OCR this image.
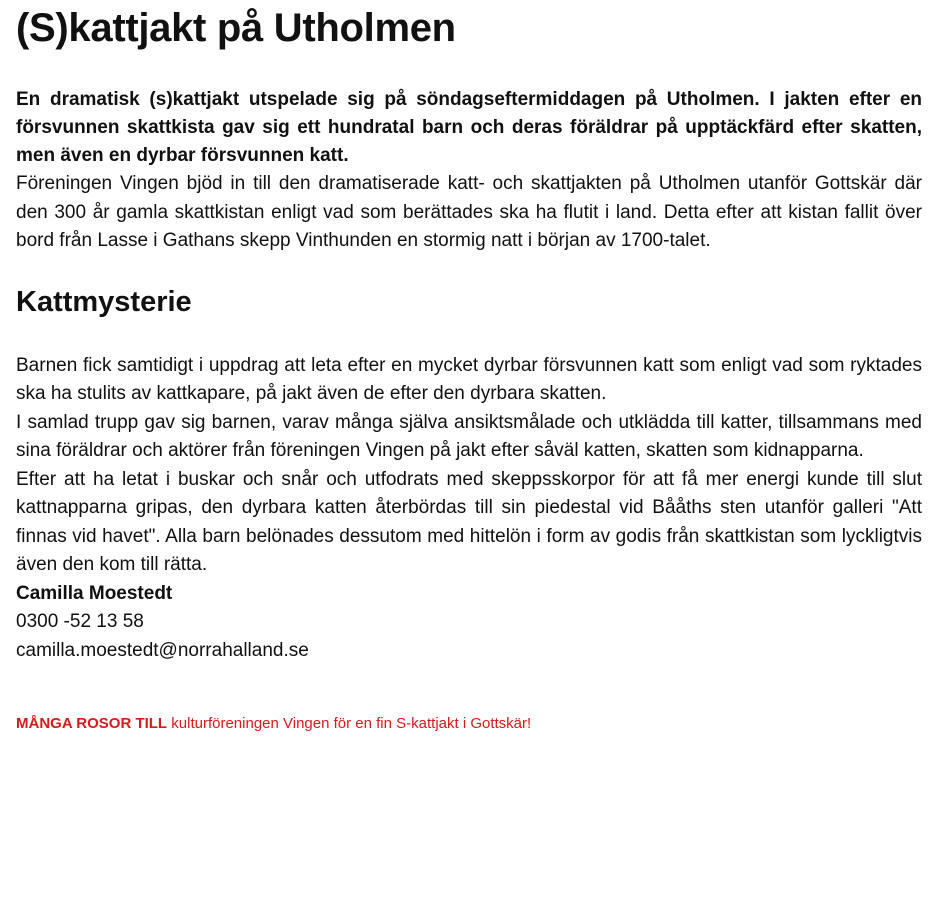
(S)kattjakt på Utholmen

En dramatisk (s)kattjakt utspelade sig på söndagseftermiddagen på Utholmen. I jakten efter en försvunnen skattkista gav sig ett hundratal barn och deras föräldrar på upptäckfärd efter skatten, men även en dyrbar försvunnen katt.

Föreningen Vingen bjöd in till den dramatiserade katt- och skattjakten på Utholmen utanför Gottskär där den 300 år gamla skattkistan enligt vad som berättades ska ha flutit i land. Detta efter att kistan fallit över bord från Lasse i Gathans skepp Vinthunden en stormig natt i början av 1700-talet.

Kattmysterie

Barnen fick samtidigt i uppdrag att leta efter en mycket dyrbar försvunnen katt som enligt vad som ryktades ska ha stulits av kattkapare, på jakt även de efter den dyrbara skatten.

I samlad trupp gav sig barnen, varav många själva ansiktsmålade och utklädda till katter, tillsammans med sina föräldrar och aktörer från föreningen Vingen på jakt efter såväl katten, skatten som kidnapparna.

Efter att ha letat i buskar och snår och utfodrats med skeppsskorpor för att få mer energi kunde till slut kattnapparna gripas, den dyrbara katten återbördas till sin piedestal vid Bååths sten utanför galleri "Att finnas vid havet". Alla barn belönades dessutom med hittelön i form av godis från skattkistan som lyckligtvis även den kom till rätta.

Camilla Moestedt

0300 -52 13 58

camilla.moestedt@norrahalland.se

MÅNGA ROSOR TILL kulturföreningen Vingen för en fin S-kattjakt i Gottskär!
